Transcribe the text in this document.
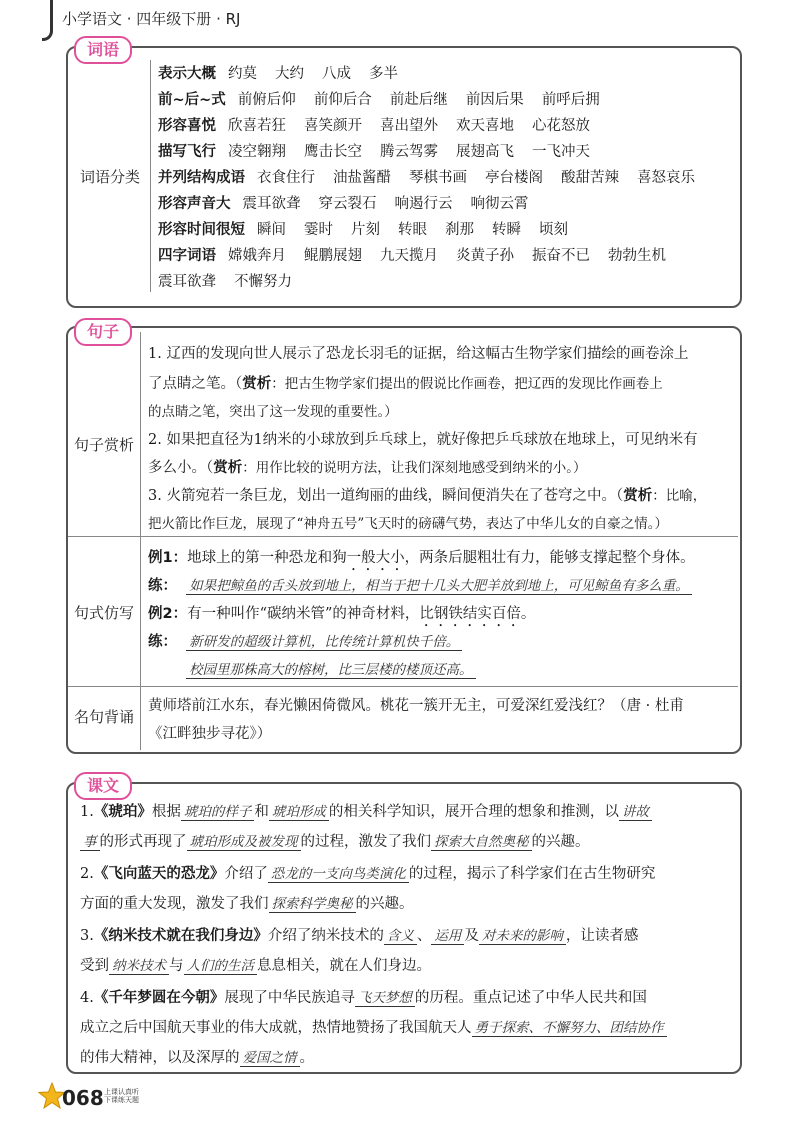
小学语文 · 四年级下册 · RJ
词语
词语分类
表示大概 约莫 大约 八成 多半
前~后~式 前俯后仰 前仰后合 前赴后继 前因后果 前呼后拥
形容喜悦 欣喜若狂 喜笑颜开 喜出望外 欢天喜地 心花怒放
描写飞行 凌空翱翔 鹰击长空 腾云驾雾 展翅高飞 一飞冲天
并列结构成语 衣食住行 油盐酱醋 琴棋书画 亭台楼阁 酸甜苦辣 喜怒哀乐
形容声音大 震耳欲聋 穿云裂石 响遏行云 响彻云霄
形容时间很短 瞬间 霎时 片刻 转眼 刹那 转瞬 顷刻
四字词语 嫦娥奔月 鲲鹏展翅 九天揽月 炎黄子孙 振奋不已 勃勃生机
震耳欲聋 不懈努力
句子
句子赏析
句式仿写
名句背诵
1. 辽西的发现向世人展示了恐龙长羽毛的证据，给这幅古生物学家们描绘的画卷涂上
了点睛之笔。（赏析：把古生物学家们提出的假说比作画卷，把辽西的发现比作画卷上
的点睛之笔，突出了这一发现的重要性。）
2. 如果把直径为1纳米的小球放到乒乓球上，就好像把乒乓球放在地球上，可见纳米有
多么小。（赏析：用作比较的说明方法，让我们深刻地感受到纳米的小。）
3. 火箭宛若一条巨龙，划出一道绚丽的曲线，瞬间便消失在了苍穹之中。（赏析：比喻，
把火箭比作巨龙，展现了“神舟五号”飞天时的磅礴气势，表达了中华儿女的自豪之情。）
例1：地球上的第一种恐龙和狗一般大小，两条后腿粗壮有力，能够支撑起整个身体。
练： 如果把鲸鱼的舌头放到地上，相当于把十几头大肥羊放到地上，可见鲸鱼有多么重。
例2：有一种叫作“碳纳米管”的神奇材料，比钢铁结实百倍。
练： 新研发的超级计算机，比传统计算机快千倍。
校园里那株高大的榕树，比三层楼的楼顶还高。
黄师塔前江水东，春光懒困倚微风。桃花一簇开无主，可爱深红爱浅红？（唐 · 杜甫
《江畔独步寻花》）
课文
1.《琥珀》根据 琥珀的样子 和 琥珀形成 的相关科学知识，展开合理的想象和推测，以 讲故
事 的形式再现了 琥珀形成及被发现 的过程，激发了我们 探索大自然奥秘 的兴趣。
2.《飞向蓝天的恐龙》介绍了 恐龙的一支向鸟类演化 的过程，揭示了科学家们在古生物研究
方面的重大发现，激发了我们 探索科学奥秘 的兴趣。
3.《纳米技术就在我们身边》介绍了纳米技术的 含义 、 运用 及 对未来的影响 ，让读者感
受到 纳米技术 与 人们的生活 息息相关，就在人们身边。
4.《千年梦圆在今朝》展现了中华民族追寻 飞天梦想 的历程。重点记述了中华人民共和国
成立之后中国航天事业的伟大成就，热情地赞扬了我国航天人 勇于探索、不懈努力、团结协作
的伟大精神，以及深厚的 爱国之情 。
068 上课认真听
下课练天题
